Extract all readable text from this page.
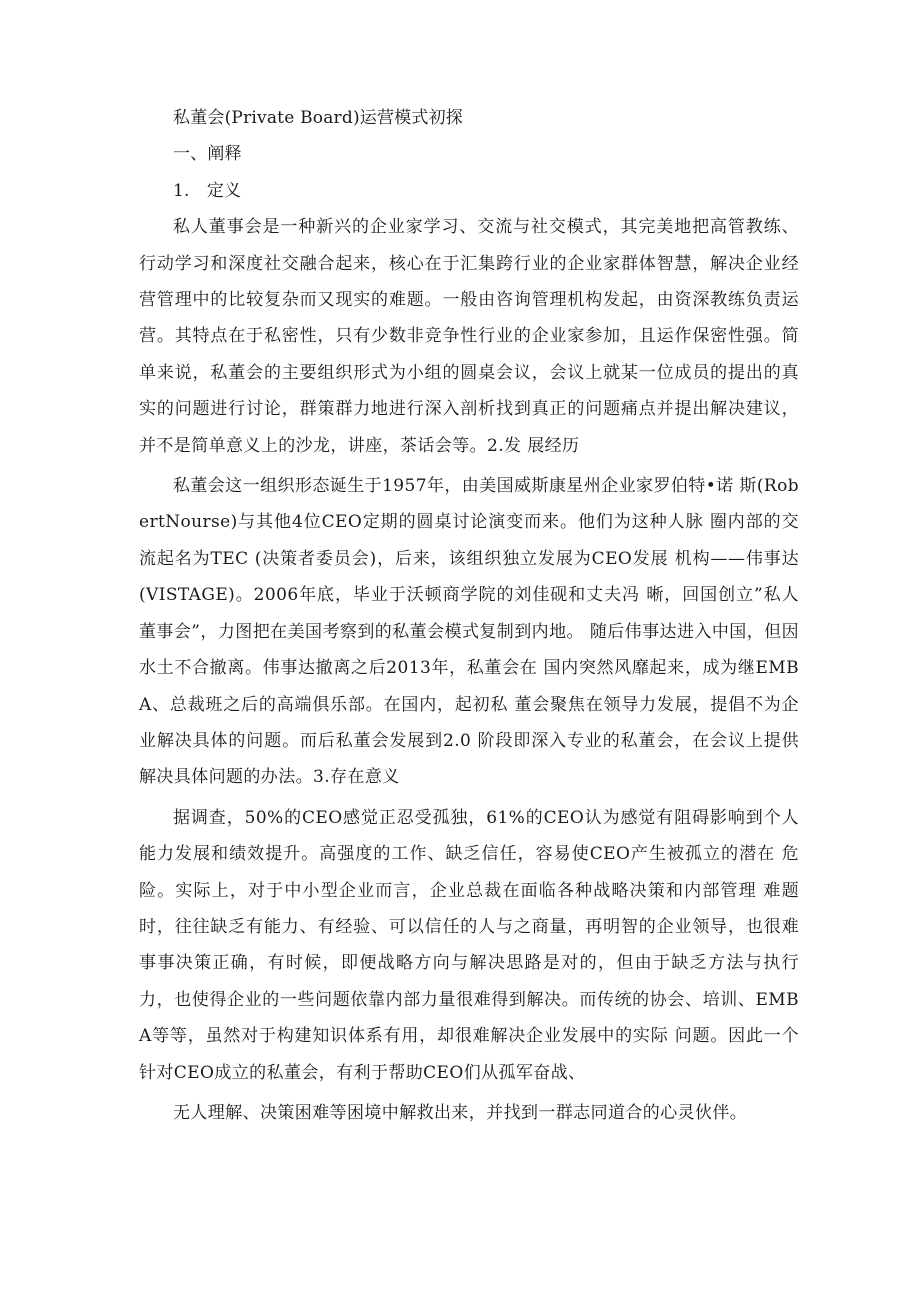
私董会(Private Board)运营模式初探

一、阐释

1.　定义

私人董事会是一种新兴的企业家学习、交流与社交模式，其完美地把高管教练、行动学习和深度社交融合起来，核心在于汇集跨行业的企业家群体智慧，解决企业经营管理中的比较复杂而又现实的难题。一般由咨询管理机构发起，由资深教练负责运营。其特点在于私密性，只有少数非竞争性行业的企业家参加，且运作保密性强。简单来说，私董会的主要组织形式为小组的圆桌会议，会议上就某一位成员的提出的真实的问题进行讨论，群策群力地进行深入剖析找到真正的问题痛点并提出解决建议，并不是简单意义上的沙龙，讲座，茶话会等。2.发 展经历

私董会这一组织形态诞生于1957年，由美国威斯康星州企业家罗伯特•诺 斯(RobertNourse)与其他4位CEO定期的圆桌讨论演变而来。他们为这种人脉 圈内部的交流起名为TEC (决策者委员会)，后来，该组织独立发展为CEO发展 机构——伟事达(VISTAGE)。2006年底，毕业于沃顿商学院的刘佳砚和丈夫冯 晰，回国创立”私人董事会”，力图把在美国考察到的私董会模式复制到内地。 随后伟事达进入中国，但因水土不合撤离。伟事达撤离之后2013年，私董会在 国内突然风靡起来，成为继EMBA、总裁班之后的高端俱乐部。在国内，起初私 董会聚焦在领导力发展，提倡不为企业解决具体的问题。而后私董会发展到2.0 阶段即深入专业的私董会，在会议上提供解决具体问题的办法。3.存在意义

据调查，50%的CEO感觉正忍受孤独，61%的CEO认为感觉有阻碍影响到个人 能力发展和绩效提升。高强度的工作、缺乏信任，容易使CEO产生被孤立的潜在 危险。实际上，对于中小型企业而言，企业总裁在面临各种战略决策和内部管理 难题时，往往缺乏有能力、有经验、可以信任的人与之商量，再明智的企业领导，也很难事事决策正确，有时候，即便战略方向与解决思路是对的，但由于缺乏方法与执行力，也使得企业的一些问题依靠内部力量很难得到解决。而传统的协会、培训、EMBA等等，虽然对于构建知识体系有用，却很难解决企业发展中的实际 问题。因此一个针对CEO成立的私董会，有利于帮助CEO们从孤军奋战、

无人理解、决策困难等困境中解救出来，并找到一群志同道合的心灵伙伴。
